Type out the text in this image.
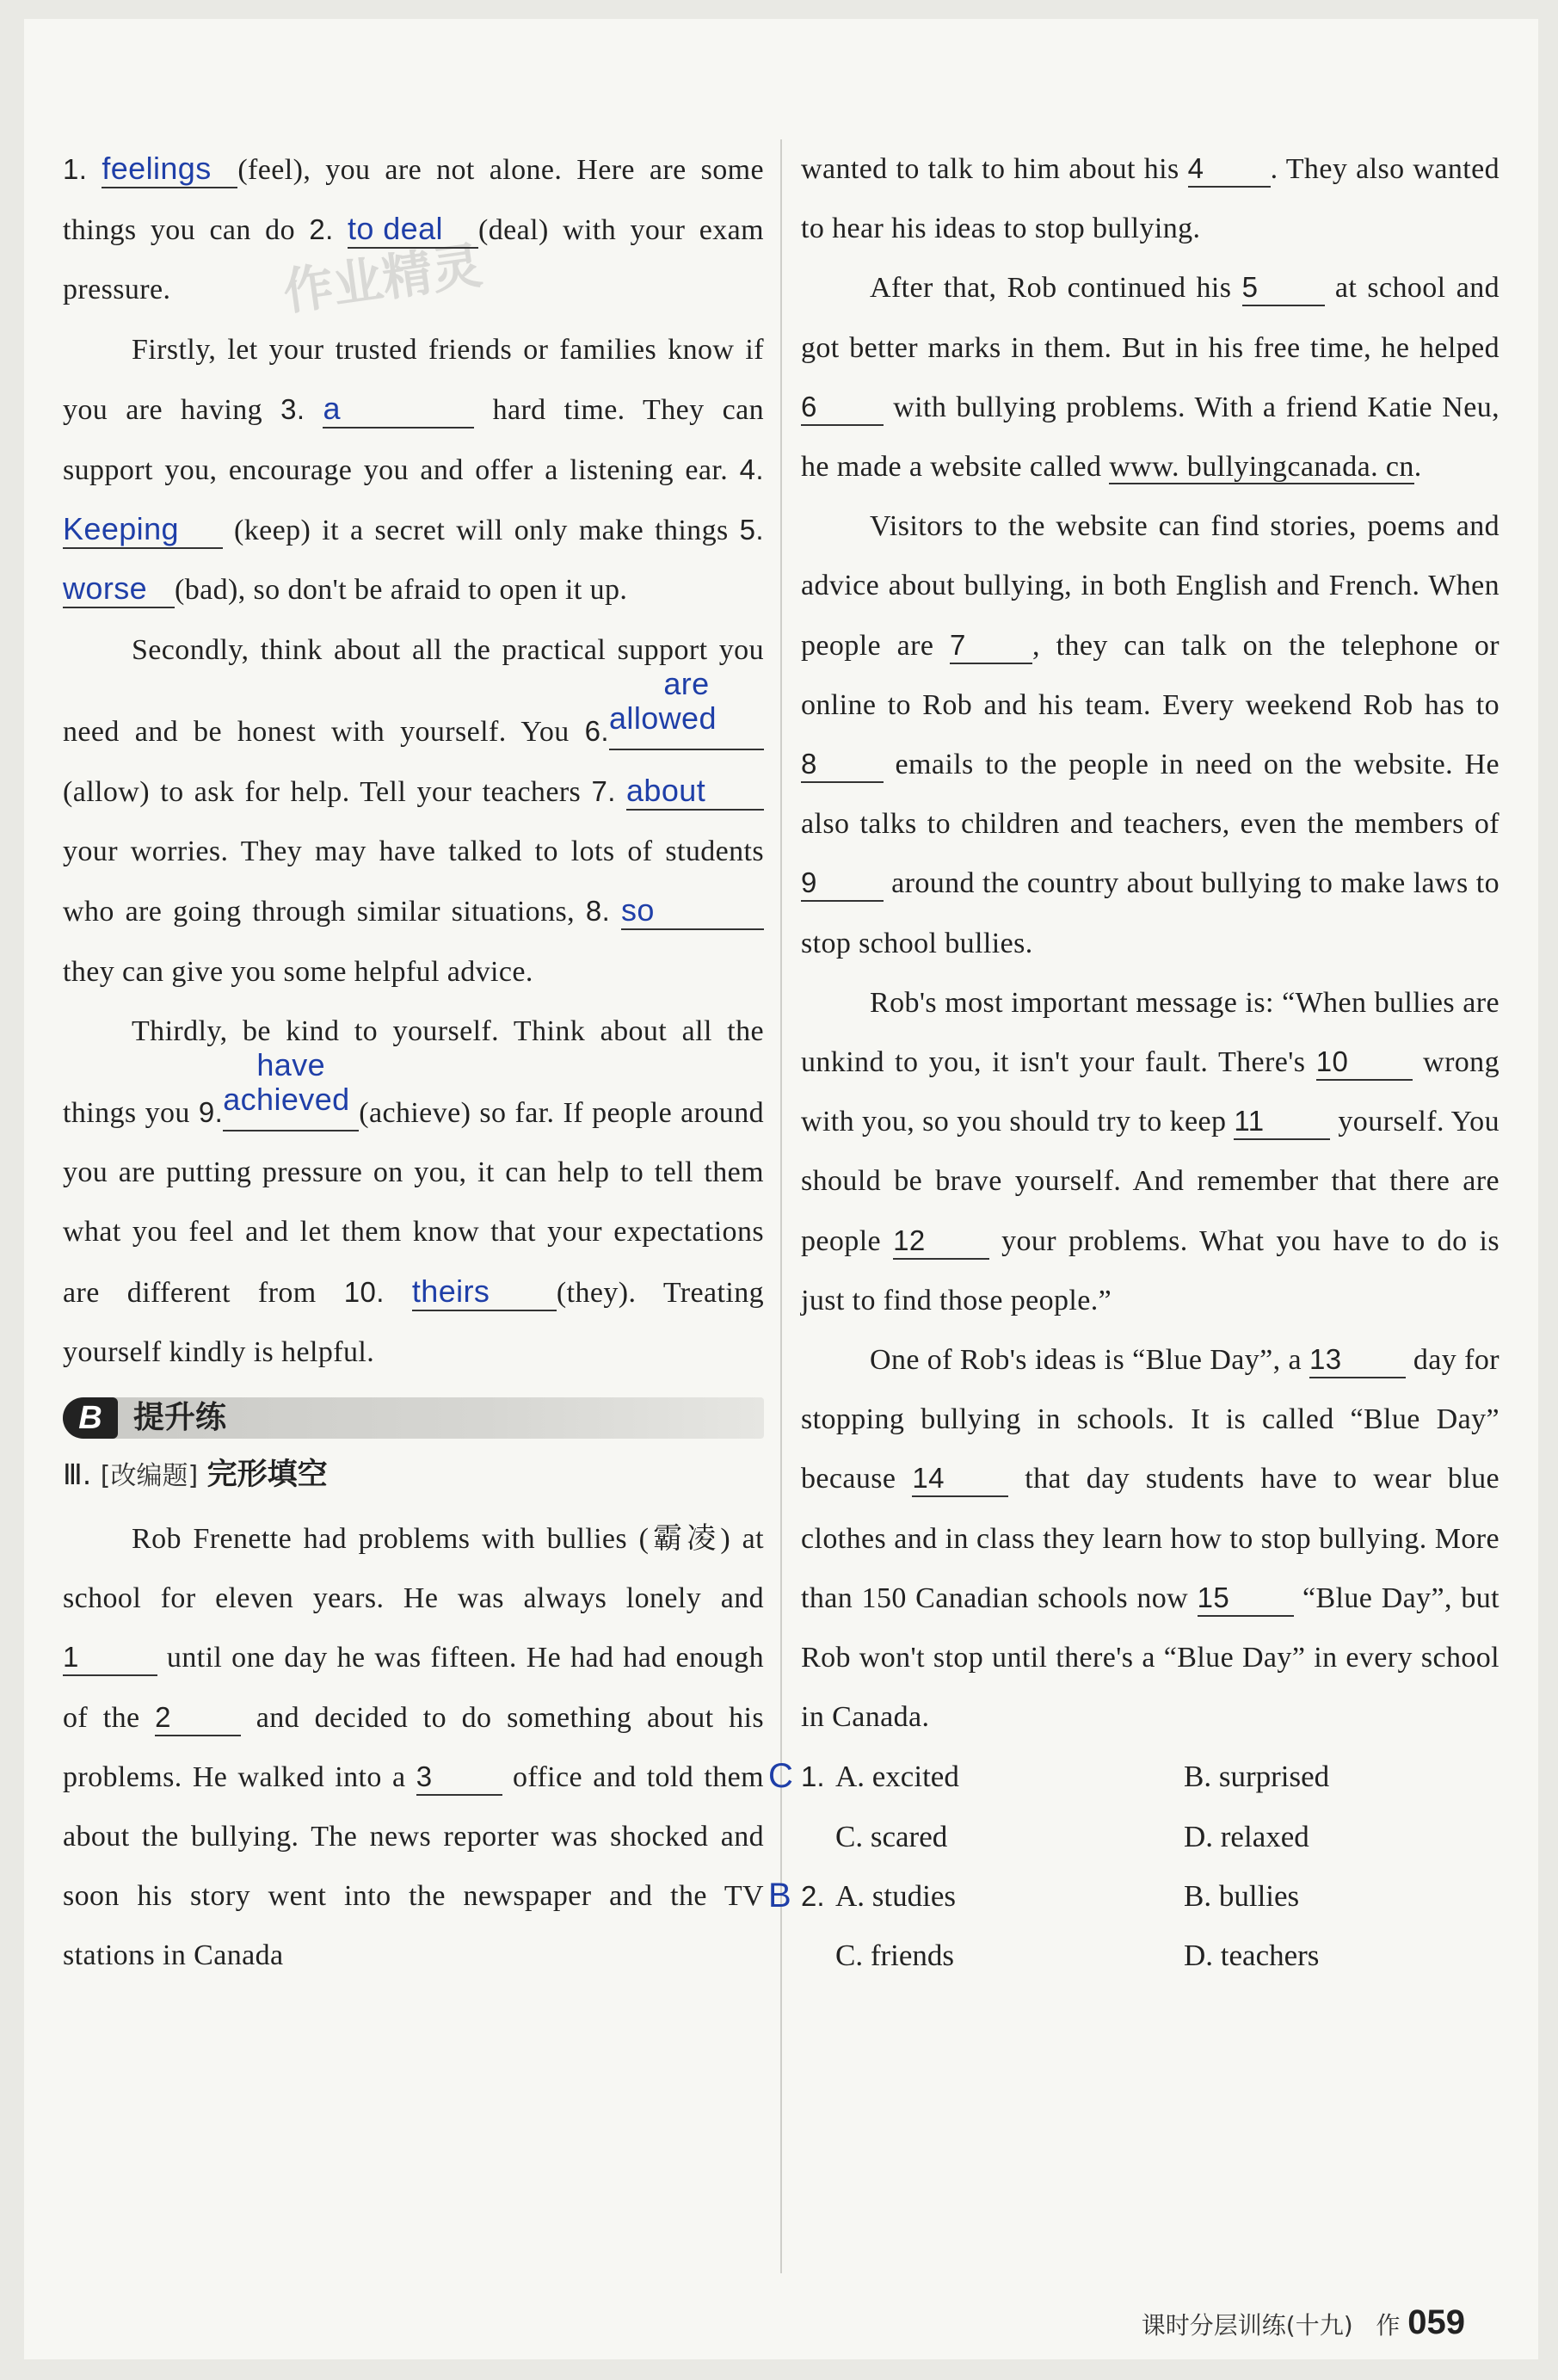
作业精灵

1. feelings (feel), you are not alone. Here are some things you can do 2. to deal (deal) with your exam pressure.

Firstly, let your trusted friends or families know if you are having 3. a	hard time. They can support you, encourage you and offer a listening ear. 4. Keeping (keep) it a secret will only make things 5. worse (bad), so don't be afraid to open it up.

Secondly, think about all the practical support you need and be honest with yourself. You 6.are allowed(allow) to ask for help. Tell your teachers 7. about your worries. They may have talked to lots of students who are going through similar situations, 8. so they can give you some helpful advice.

Thirdly, be kind to yourself. Think about all the things you 9.have achieved (achieve) so far. If people around you are putting pressure on you, it can help to tell them what you feel and let them know that your expectations are different from 10. theirs (they). Treating yourself kindly is helpful.

B	提升练
Ⅲ. [改编题] 完形填空

Rob Frenette had problems with bullies (霸凌) at school for eleven years. He was always lonely and 1	until one day he was fifteen. He had had enough of the 2	and decided to do something about his problems. He walked into a 3	office and told them about the bullying. The news reporter was shocked and soon his story went into the newspaper and the TV stations in Canada

wanted to talk to him about his 4 . They also wanted to hear his ideas to stop bullying.

After that, Rob continued his 5	at school and got better marks in them. But in his free time, he helped 6	with bullying problems. With a friend Katie Neu, he made a website called www. bullyingcanada. cn.

Visitors to the website can find stories, poems and advice about bullying, in both English and French. When people are 7 , they can talk on the telephone or online to Rob and his team. Every weekend Rob has to 8	emails to the people in need on the website. He also talks to children and teachers, even the members of 9	around the country about bullying to make laws to stop school bullies.

Rob's most important message is: “When bullies are unkind to you, it isn't your fault. There's 10	wrong with you, so you should try to keep 11	yourself. You should be brave yourself. And remember that there are people 12	your problems. What you have to do is just to find those people.”

One of Rob's ideas is “Blue Day”, a 13 day for stopping bullying in schools. It is called “Blue Day” because 14	that day students have to wear blue clothes and in class they learn how to stop bullying. More than 150 Canadian schools now 15 “Blue Day”, but Rob won't stop until there's a “Blue Day” in every school in Canada.

C 1. A. excited	B. surprised
C. scared	D. relaxed
B 2. A. studies	B. bullies
C. friends	D. teachers
课时分层训练(十九) 作 059
